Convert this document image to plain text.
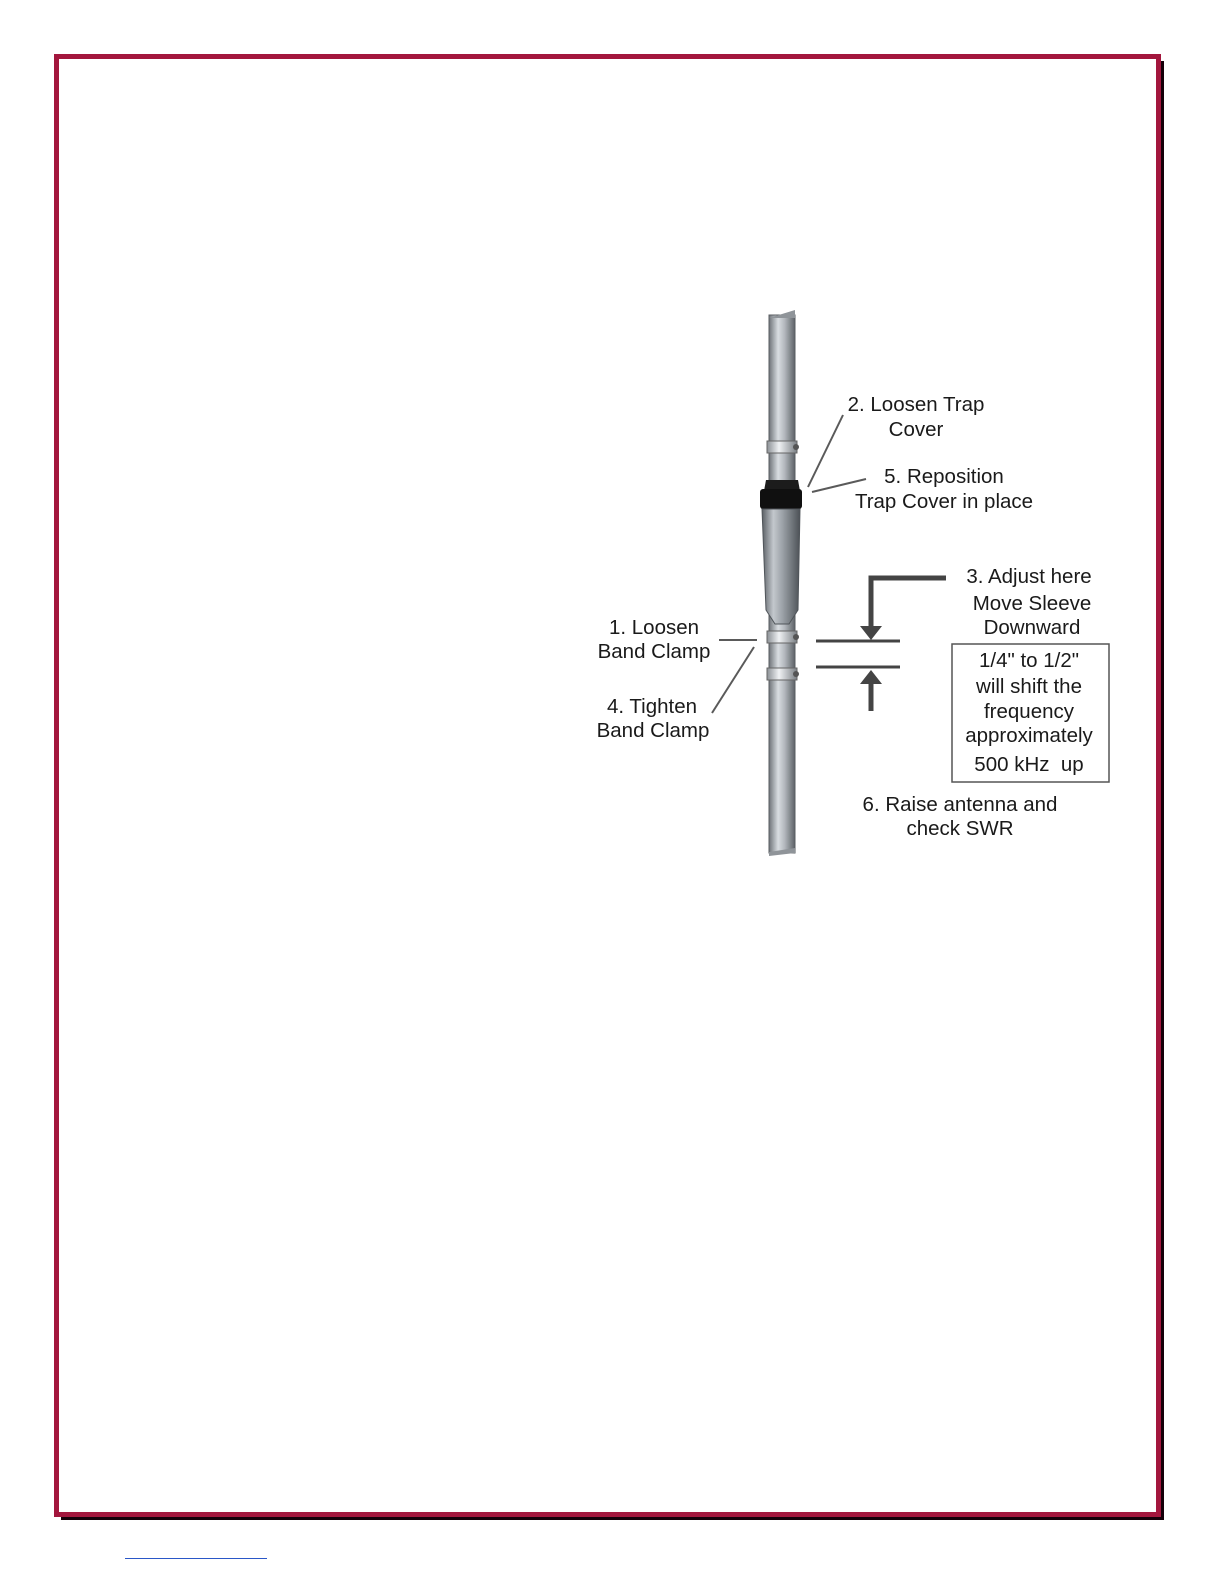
1. Loosen
Band Clamp
2. Loosen Trap
Cover
3. Adjust here
Move Sleeve
Downward
4. Tighten
Band Clamp
5. Reposition
Trap Cover in place
6. Raise antenna and
check SWR
1/4" to 1/2"
will shift the
frequency
approximately
500 kHz  up
